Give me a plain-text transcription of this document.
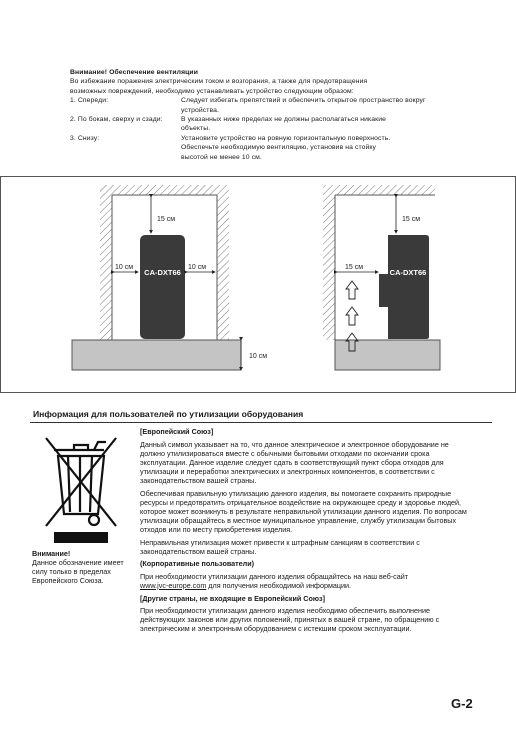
Внимание! Обеспечение вентиляции
Во избежание поражения электрическим током и возгорания, а также для предотвращения
возможных повреждений, необходимо устанавливать устройство следующим образом:
1. Спереди:	Следует избегать препятствий и обеспечить открытое пространство вокруг
устройства.
2. По бокам, сверху и сзади:	В указанных ниже пределах не должны располагаться никакие
объекты.
3. Снизу:	Установите устройство на ровную горизонтальную поверхность.
Обеспечьте необходимую вентиляцию, установив на стойку
высотой не менее 10 см.
CA-DXT66
15 см
10 см	10 см
10 см
CA-DXT66
15 см
15 см
Информация для пользователей по утилизации оборудования
Внимание!
Данное обозначение имеет силу только в пределах Европейского Союза.

[Европейский Союз]

Данный символ указывает на то, что данное электрическое и электронное оборудование не должно утилизироваться вместе с обычными бытовыми отходами по окончании срока эксплуатации. Данное изделие следует сдать в соответствующий пункт сбора отходов для утилизации и переработки электрических и электронных компонентов, в соответствии с законодательством вашей страны.

Обеспечивая правильную утилизацию данного изделия, вы помогаете сохранить природные ресурсы и предотвратить отрицательное воздействие на окружающее среду и здоровье людей, которое может возникнуть в результате неправильной утилизации данного изделия. По вопросам утилизации обращайтесь в местное муниципальное управление, службу утилизации бытовых отходов или по месту приобретения изделия.

Неправильная утилизация может привести к штрафным санкциям в соответствии с законодательством вашей страны.

(Корпоративные пользователи)

При необходимости утилизации данного изделия обращайтесь на наш веб-сайт
www.jvc-europe.com для получения необходимой информации.

[Другие страны, не входящие в Европейский Союз]

При необходимости утилизации данного изделия необходимо обеспечить выполнение действующих законов или других положений, принятых в вашей стране, по обращению с электрическим и электронным оборудованием с истекшим сроком эксплуатации.

G-2
